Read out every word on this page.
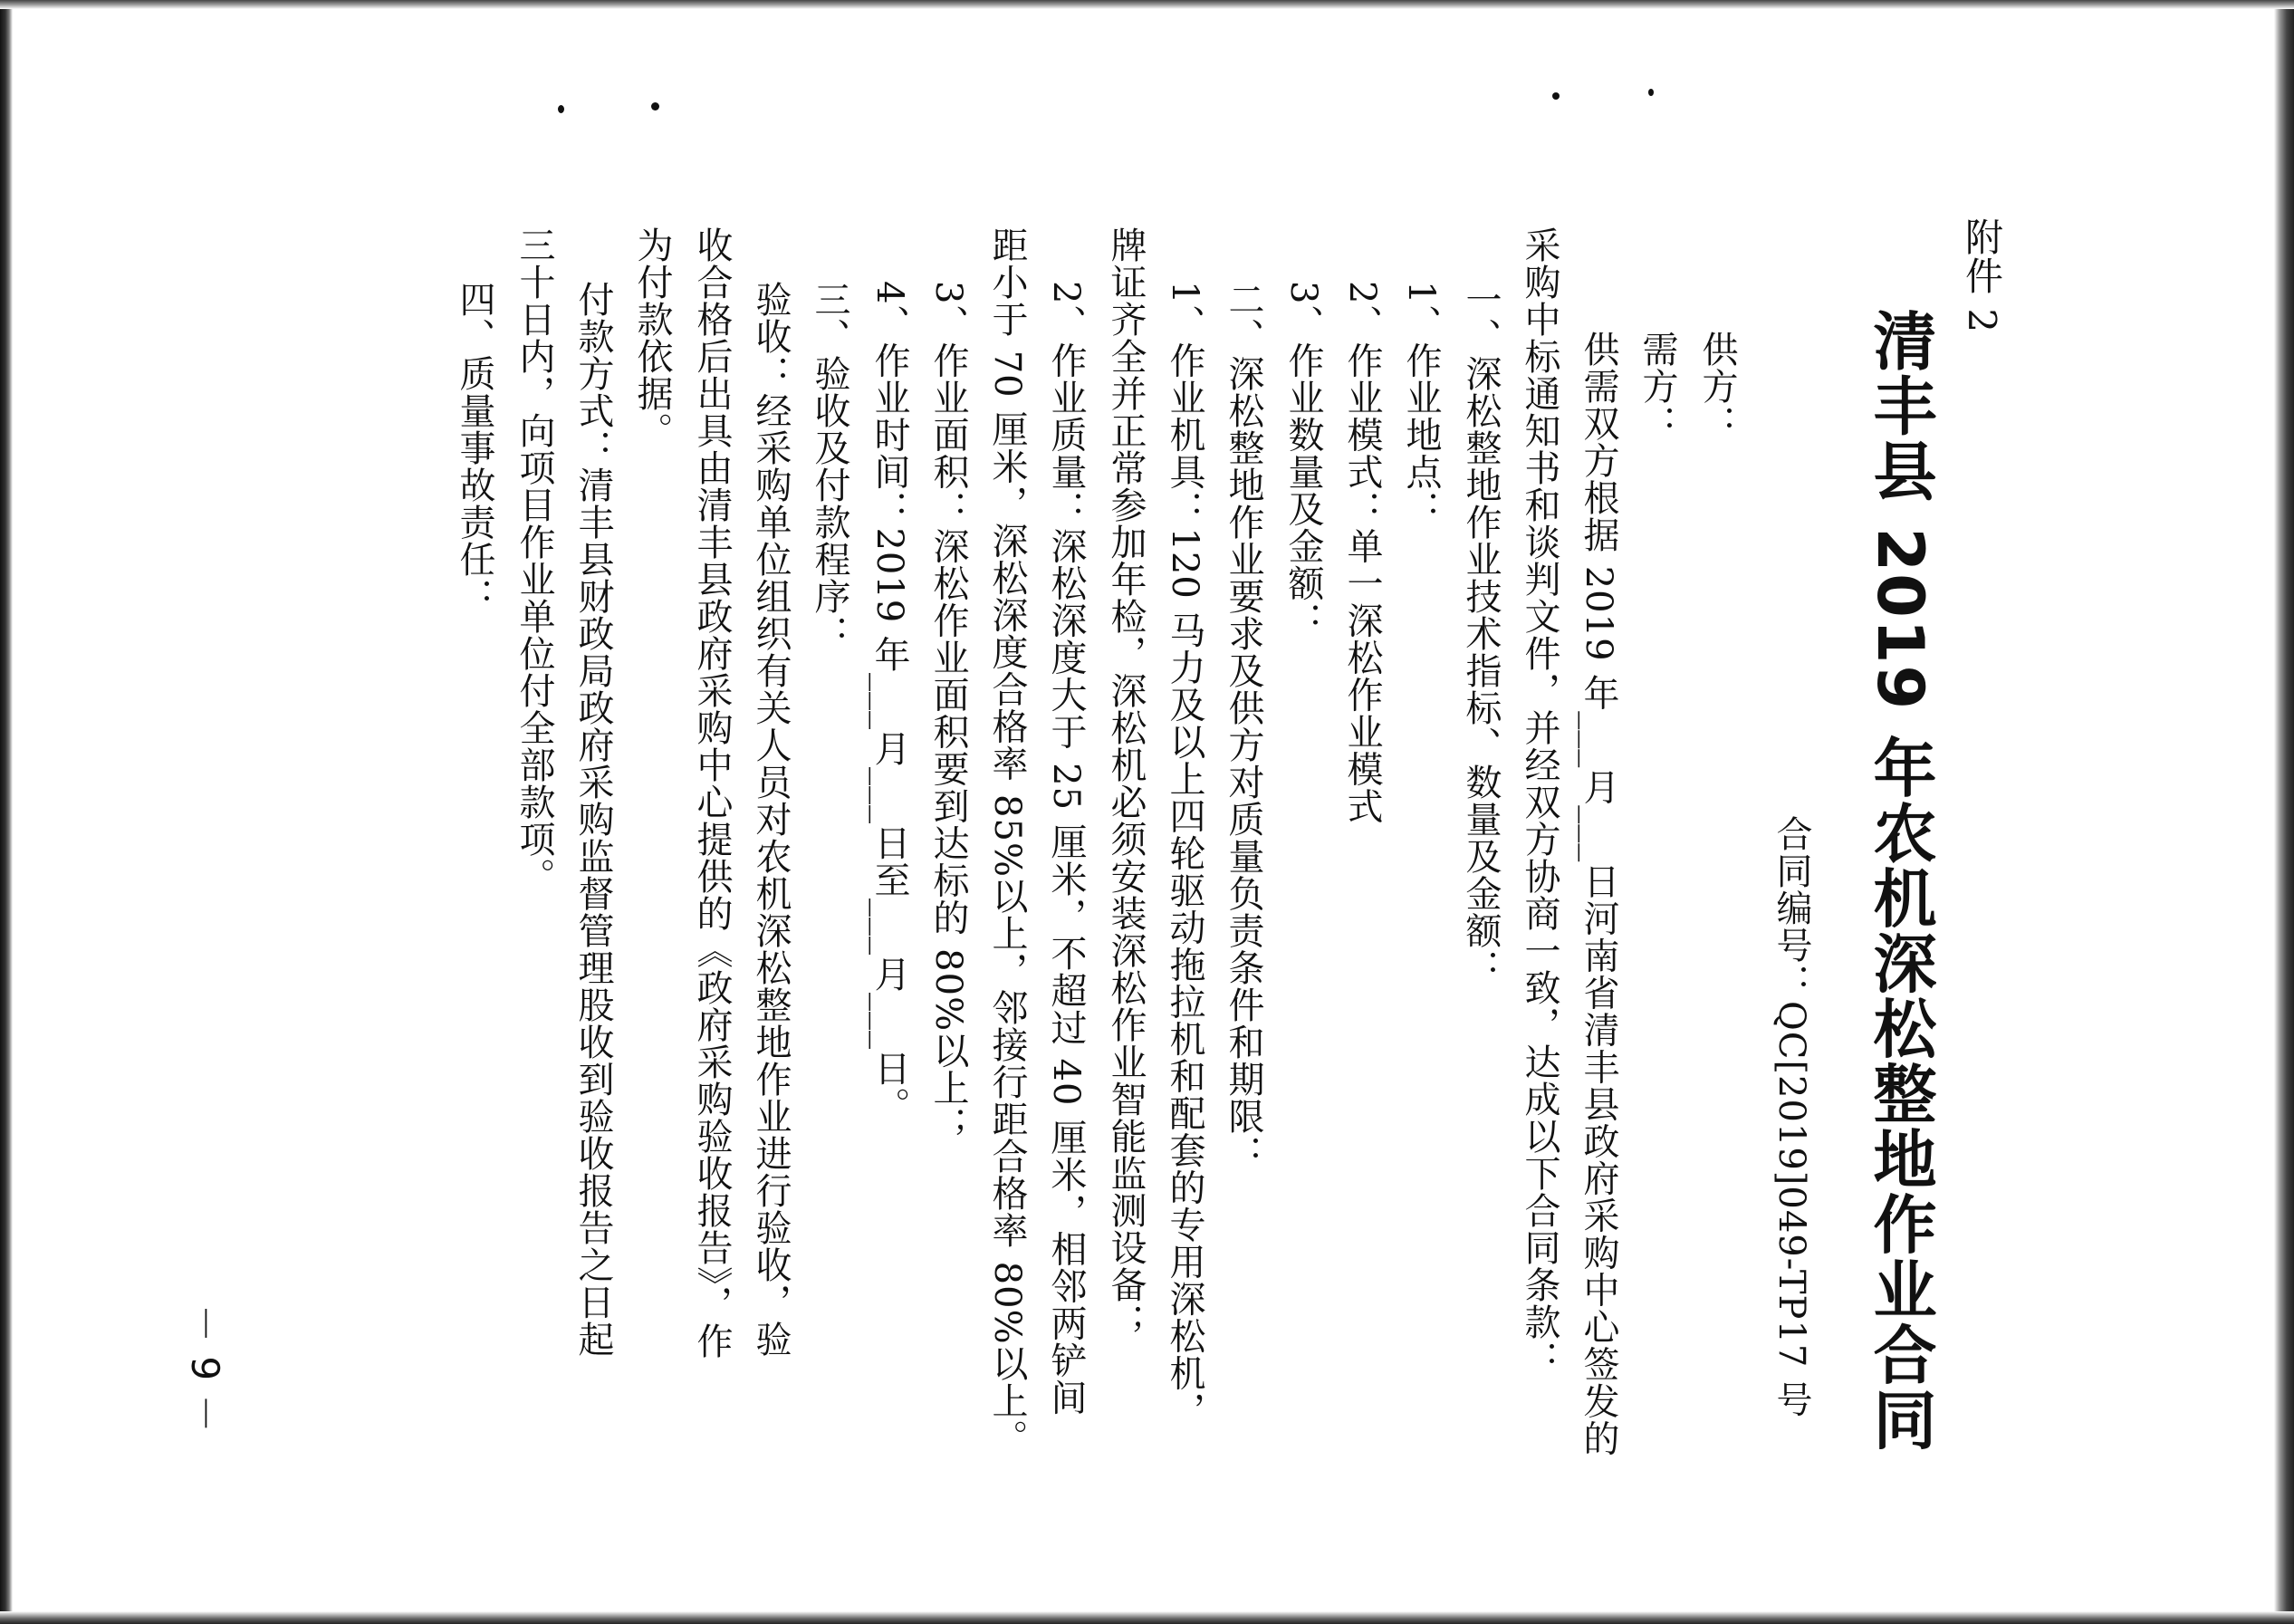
附件 2
清丰县 2019 年农机深松整地作业合同
合同编号：QC[2019]049-TP17 号
供方：
需方：
供需双方根据 2019 年___月___日河南省清丰县政府采购中心签发的
采购中标通知书和谈判文件，并经双方协商一致，达成以下合同条款：
一、深松整地作业技术指标、数量及金额：
1、作业地点：
2、作业模式：单一深松作业模式
3、作业数量及金额：
二、深松整地作业要求及供方对质量负责条件和期限：
1、作业机具：120 马力及以上四轮驱动拖拉机和配套的专用深松机，
牌证齐全并正常参加年检，深松机必须安装深松作业智能监测设备；
2、作业质量：深松深度大于 25 厘米，不超过 40 厘米，相邻两铲间
距小于 70 厘米，深松深度合格率 85%以上，邻接行距合格率 80%以上。
3、作业面积：深松作业面积要到达标的 80%以上；
4、作业时间：2019 年___月___日至___月___日。
三、验收及付款程序：
验收：经采购单位组织有关人员对农机深松整地作业进行验收，验
收合格后出具由清丰县政府采购中心提供的《政府采购验收报告》，作
为付款依据。
付款方式：清丰县财政局政府采购监督管理股收到验收报告之日起
三十日内，向项目作业单位付全部款项。
四、质量事故责任：
－ 9 －
